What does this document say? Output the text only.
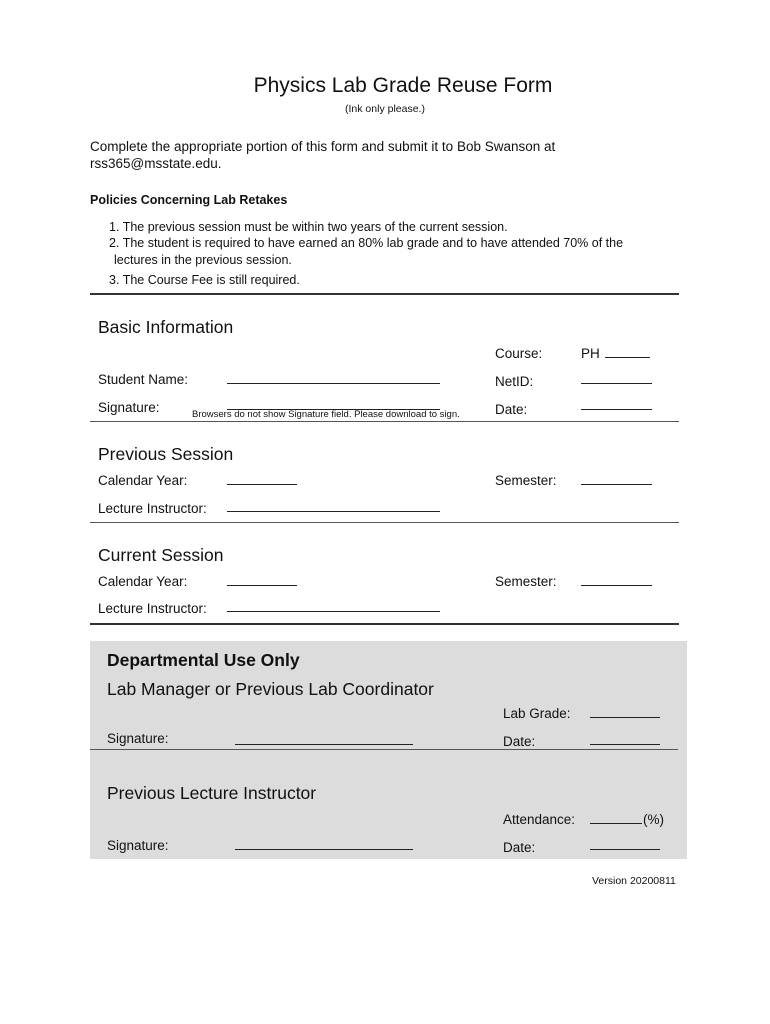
Physics Lab Grade Reuse Form
(Ink only please.)
Complete the appropriate portion of this form and submit it to Bob Swanson at
rss365@msstate.edu.
Policies Concerning Lab Retakes
1. The previous session must be within two years of the current session.
2. The student is required to have earned an 80% lab grade and to have attended 70% of the
lectures in the previous session.
3. The Course Fee is still required.
Basic Information
Course:	PH
Student Name:	NetID:
Signature:	Browsers do not show Signature field. Please download to sign.	Date:
Previous Session
Calendar Year:	Semester:
Lecture Instructor:
Current Session
Calendar Year:	Semester:
Lecture Instructor:
Departmental Use Only
Lab Manager or Previous Lab Coordinator
Lab Grade:
Signature:	Date:
Previous Lecture Instructor
Attendance:	(%)
Signature:	Date:
Version 20200811
